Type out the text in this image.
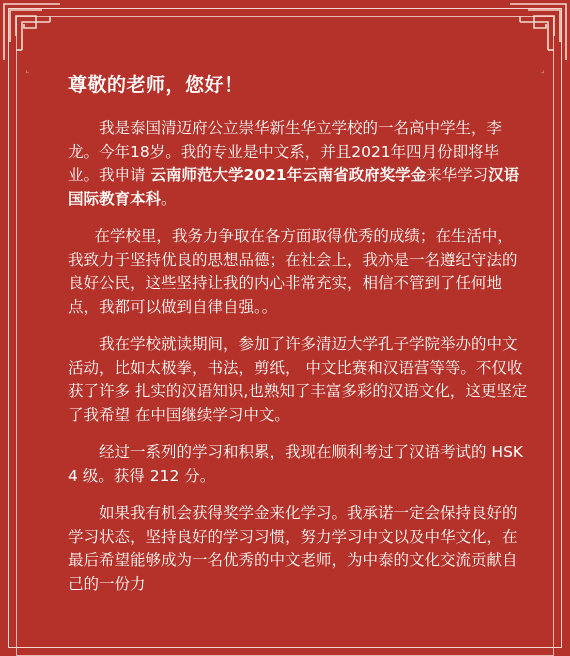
尊敬的老师，您好！

我是泰国清迈府公立崇华新生华立学校的一名高中学生，李龙。今年18岁。我的专业是中文系，并且2021年四月份即将毕业。我申请 云南师范大学2021年云南省政府奖学金来华学习汉语国际教育本科。

在学校里，我务力争取在各方面取得优秀的成绩；在生活中，我致力于坚持优良的思想品德；在社会上，我亦是一名遵纪守法的良好公民，这些坚持让我的内心非常充实，相信不管到了任何地点，我都可以做到自律自强。。

我在学校就读期间，参加了许多清迈大学孔子学院举办的中文活动，比如太极拳，书法，剪纸， 中文比赛和汉语营等等。不仅收获了许多 扎实的汉语知识,也熟知了丰富多彩的汉语文化，这更坚定了我希望 在中国继续学习中文。

经过一系列的学习和积累，我现在顺利考过了汉语考试的 HSK 4 级。获得 212 分。

如果我有机会获得奖学金来化学习。我承诺一定会保持良好的学习状态，坚持良好的学习习惯，努力学习中文以及中华文化，在最后希望能够成为一名优秀的中文老师，为中泰的文化交流贡献自己的一份力
